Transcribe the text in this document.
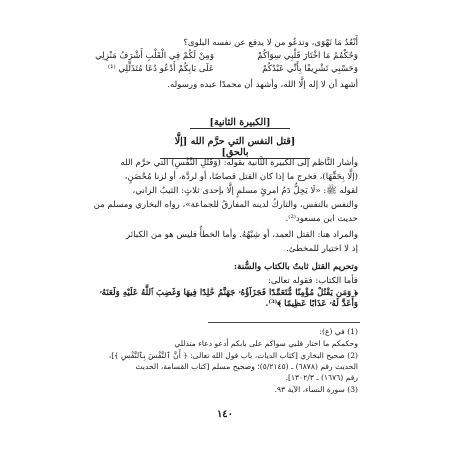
أَنْعُدُ مَا نَهْوَى، وتدعُو من لا يدفع عن نفسه البلوى؟
وَحُكْمُمُ مَا اخْتَارَ قَلْبِي سِوَاكُمْ
وَمِنْ لَكُمْ فِي الْقَلْبِ أَشْرَفُ مَنْزِلِي
وَحَسْبِي تَشْرِيفًا بِأَنِّي عَبْدُكُمْ
عَلَى بَابِكُمْ أَدْعُو دُعَا مُتَذَلِّلِي ⁽¹⁾
أشهد أن لا إله إلَّا الله، وأشهد أن محمدًا عبده ورسوله.
[الكبيرة الثانية]
[قتل النفس التي حرَّم الله [إلَّا بالحق]
وأشار النَّاظم إلى الكبيرة الثَّانية بقوله: (وَقَتْلِ النَّفْسِ) التي حرَّم الله
(إلَّا بِحَقِّهَا)، فخرج ما إذا كان القتل قصاصًا، أو لردَّة، أو لزنا مُحْصَنٍ،
لقوله ﷺ: «لَا يَحِلُّ دَمُ امرئٍ مسلمٍ إلَّا بإحدى ثلاثٍ: الثيبُ الزاني،
والنفس بالنفس، والتاركُ لدينه المفارقُ للجماعة»، رواه البخاري ومسلم من
حديث ابن مسعود⁽²⁾.
والمراد هنا: القتل العمد، أو شِبْهُهُ. وأما الخطأُ فليس هو من الكبائر
إذ لا اختيار للمخطئ.
وتحريم القتل ثابتٌ بالكتاب والسُّنة:
فأما الكتاب: فقوله تعالى:
﴿ وَمَن يَقْتُلْ مُؤْمِنًا مُّتَعَمِّدًا فَجَزَآؤُهُۥ جَهَنَّمُ خَٰلِدًا فِيهَا وَغَضِبَ ٱللَّهُ عَلَيْهِ وَلَعَنَهُۥ وَأَعَدَّ لَهُۥ عَذَابًا عَظِيمًا ﴾⁽³⁾.
(1) في (ع):
وحكمكم ما اختار قلبي سواكم على بابكم أدعو دعاء متذللي
(2) صحيح البخاري [كتاب الديات، باب قول الله تعالى: ﴿ أَنَّ ٱلنَّفْسَ بِٱلنَّفْسِ ﴾]،
الحديث رقم (٦٨٧٨) ـ (٥/٢١٤٥)؛ وصحيح مسلم [كتاب القسامة، الحديث
رقم (١٦٧٦) ـ ١٣٠٢/٣].
(3) سورة النساء، الآية ٩٣.
١٤٠
